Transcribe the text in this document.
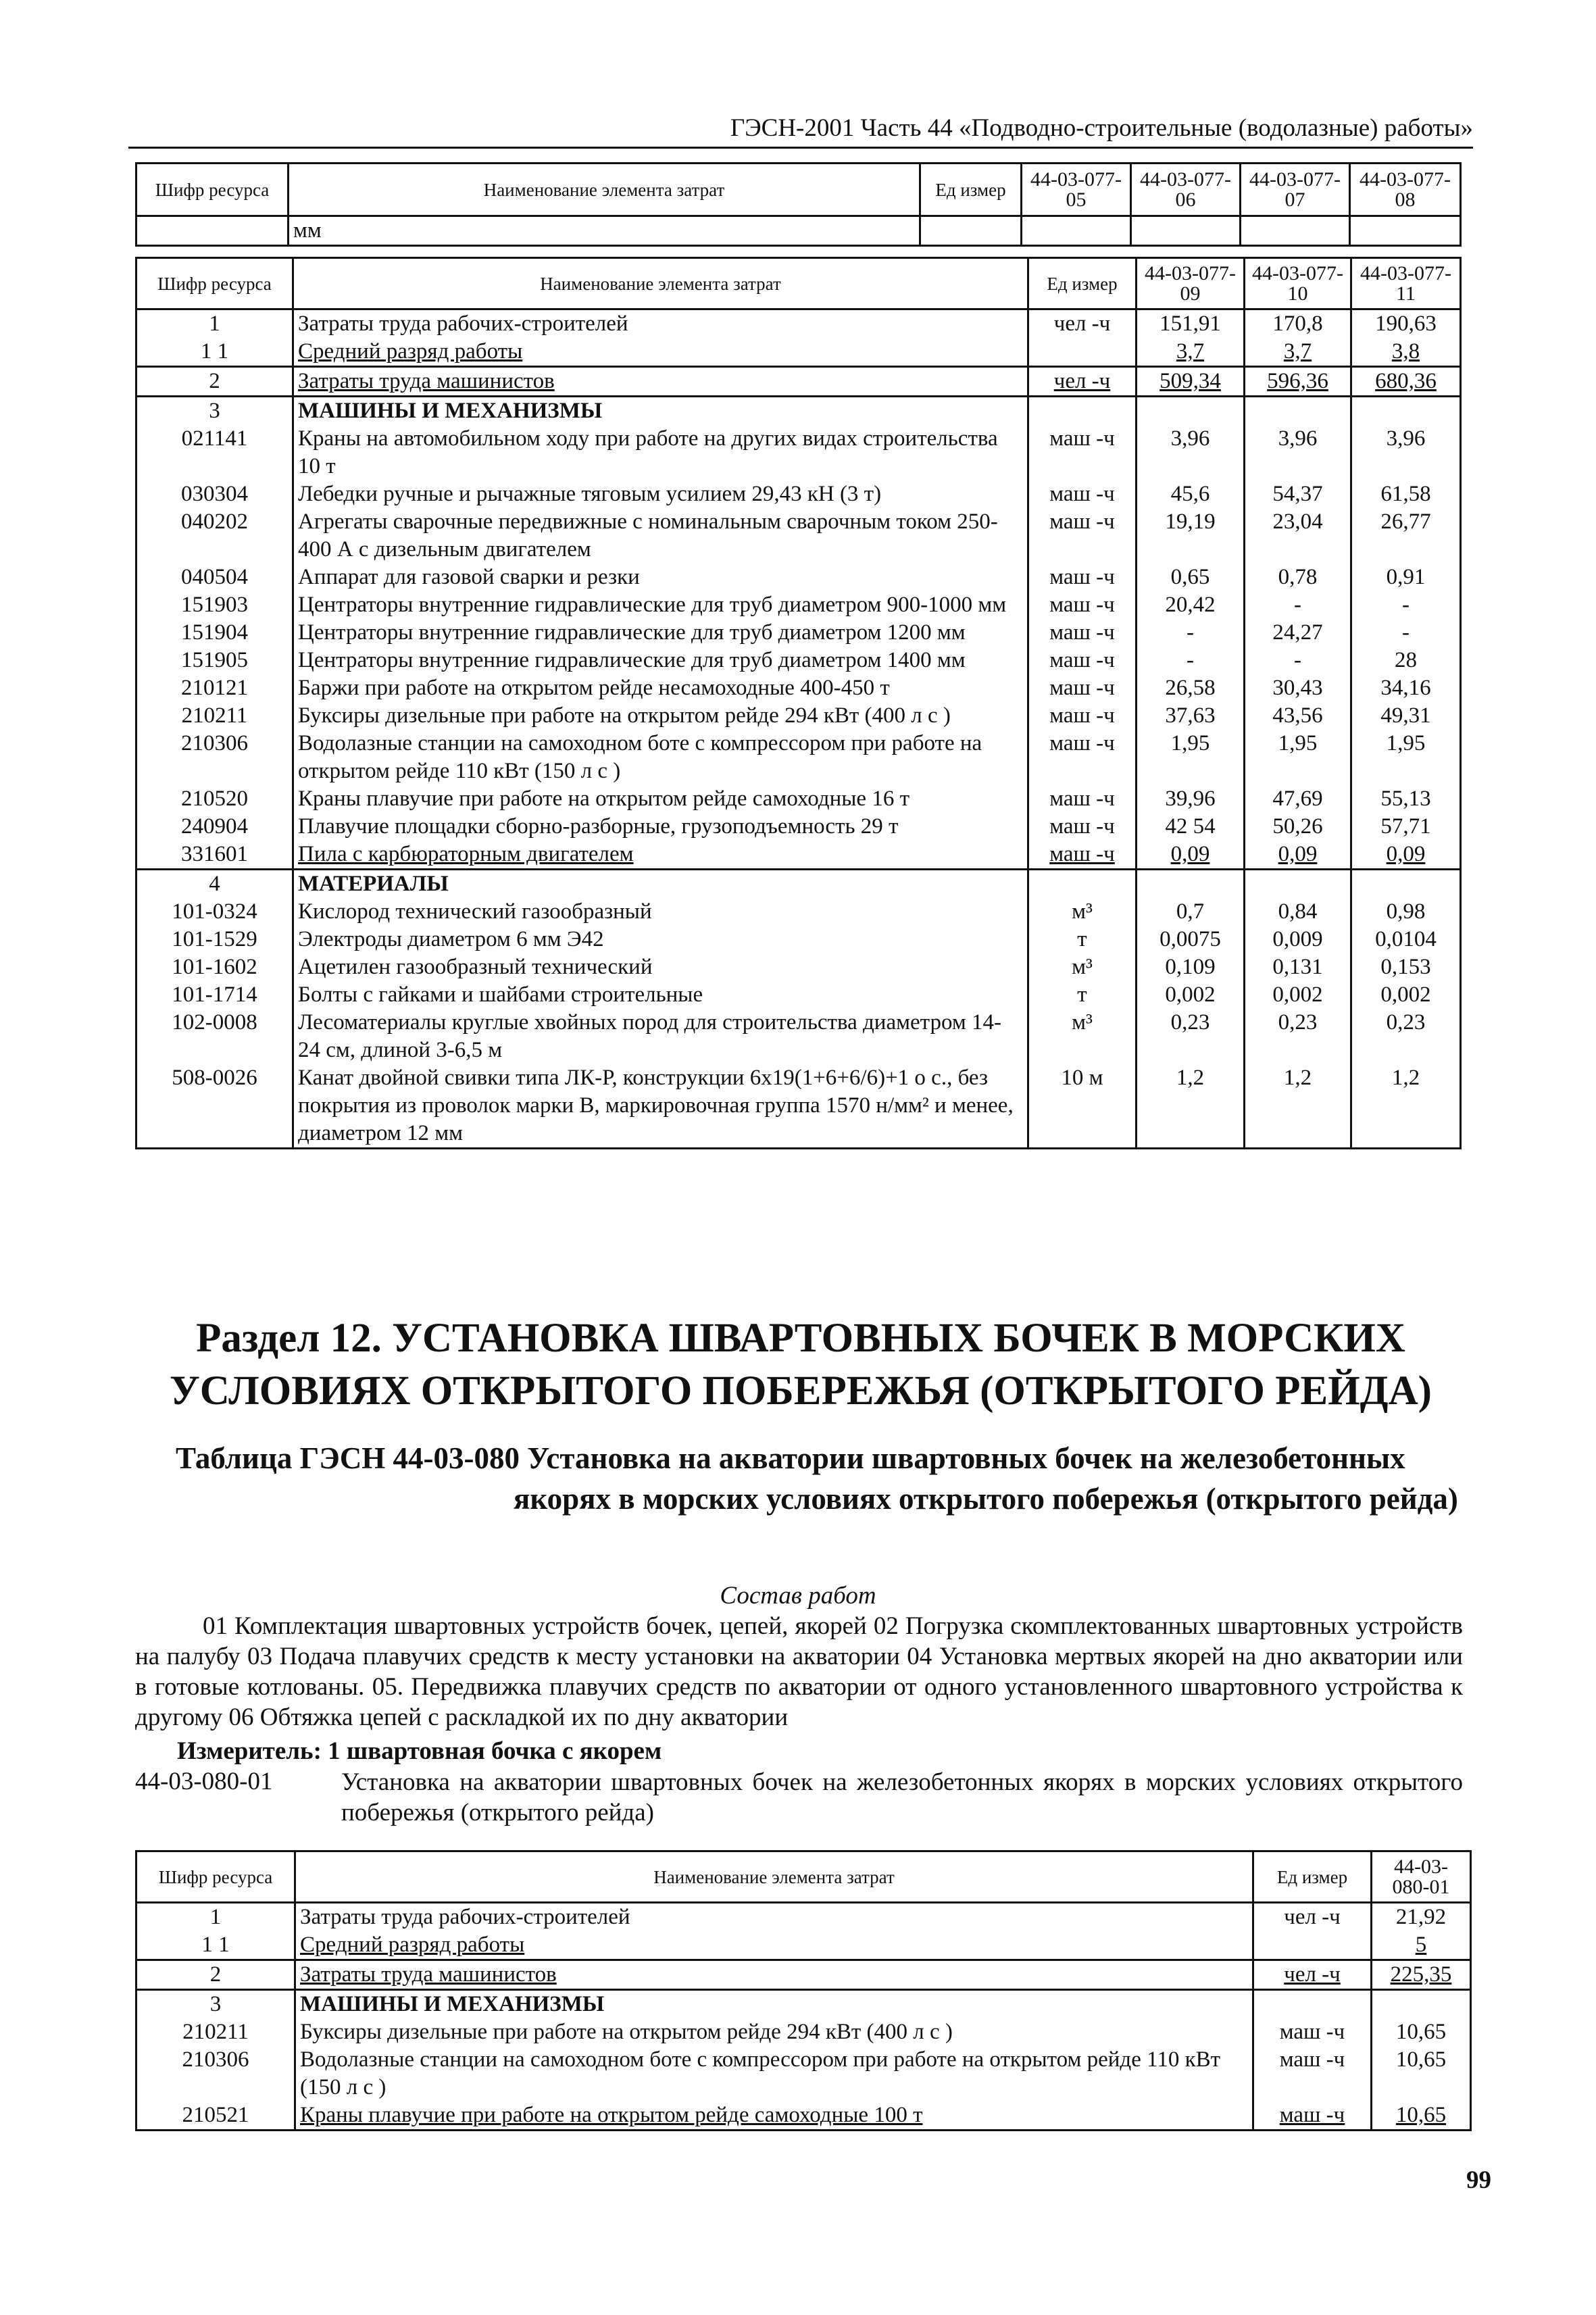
ГЭСН-2001 Часть 44 «Подводно-строительные (водолазные) работы»
Шифр ресурса	Наименование элемента затрат	Ед измер	44-03-077-05	44-03-077-06	44-03-077-07	44-03-077-08
	мм					
Шифр ресурса	Наименование элемента затрат	Ед измер	44-03-077-09	44-03-077-10	44-03-077-11
1	Затраты труда рабочих-строителей	чел -ч	151,91	170,8	190,63
1 1	Средний разряд работы		3,7	3,7	3,8
2	Затраты труда машинистов	чел -ч	509,34	596,36	680,36
3	МАШИНЫ И МЕХАНИЗМЫ				
021141	Краны на автомобильном ходу при работе на других видах строительства 10 т	маш -ч	3,96	3,96	3,96
030304	Лебедки ручные и рычажные тяговым усилием 29,43 кН (3 т)	маш -ч	45,6	54,37	61,58
040202	Агрегаты сварочные передвижные с номинальным сварочным током 250-400 А с дизельным двигателем	маш -ч	19,19	23,04	26,77
040504	Аппарат для газовой сварки и резки	маш -ч	0,65	0,78	0,91
151903	Центраторы внутренние гидравлические для труб диаметром 900-1000 мм	маш -ч	20,42	-	-
151904	Центраторы внутренние гидравлические для труб диаметром 1200 мм	маш -ч	-	24,27	-
151905	Центраторы внутренние гидравлические для труб диаметром 1400 мм	маш -ч	-	-	28
210121	Баржи при работе на открытом рейде несамоходные 400-450 т	маш -ч	26,58	30,43	34,16
210211	Буксиры дизельные при работе на открытом рейде 294 кВт (400 л с )	маш -ч	37,63	43,56	49,31
210306	Водолазные станции на самоходном боте с компрессором при работе на открытом рейде 110 кВт (150 л с )	маш -ч	1,95	1,95	1,95
210520	Краны плавучие при работе на открытом рейде самоходные 16 т	маш -ч	39,96	47,69	55,13
240904	Плавучие площадки сборно-разборные, грузоподъемность 29 т	маш -ч	42 54	50,26	57,71
331601	Пила с карбюраторным двигателем	маш -ч	0,09	0,09	0,09
4	МАТЕРИАЛЫ				
101-0324	Кислород технический газообразный	м³	0,7	0,84	0,98
101-1529	Электроды диаметром 6 мм Э42	т	0,0075	0,009	0,0104
101-1602	Ацетилен газообразный технический	м³	0,109	0,131	0,153
101-1714	Болты с гайками и шайбами строительные	т	0,002	0,002	0,002
102-0008	Лесоматериалы круглые хвойных пород для строительства диаметром 14-24 см, длиной 3-6,5 м	м³	0,23	0,23	0,23
508-0026	Канат двойной свивки типа ЛК-Р, конструкции 6х19(1+6+6/6)+1 о с., без покрытия из проволок марки В, маркировочная группа 1570 н/мм² и менее, диаметром 12 мм	10 м	1,2	1,2	1,2
Раздел 12. УСТАНОВКА ШВАРТОВНЫХ БОЧЕК В МОРСКИХ УСЛОВИЯХ ОТКРЫТОГО ПОБЕРЕЖЬЯ (ОТКРЫТОГО РЕЙДА)
Таблица ГЭСН 44-03-080 Установка на акватории швартовных бочек на железобетонных
якорях в морских условиях открытого побережья (открытого рейда)
Состав работ
01 Комплектация швартовных устройств бочек, цепей, якорей 02 Погрузка скомплектованных швартовных устройств на палубу 03 Подача плавучих средств к месту установки на акватории 04 Установка мертвых якорей на дно акватории или в готовые котлованы. 05. Передвижка плавучих средств по акватории от одного установленного швартовного устройства к другому 06 Обтяжка цепей с раскладкой их по дну акватории
Измеритель: 1 швартовная бочка с якорем
44-03-080-01	Установка на акватории швартовных бочек на железобетонных якорях в морских условиях открытого побережья (открытого рейда)
Шифр ресурса	Наименование элемента затрат	Ед измер	44-03-080-01
1	Затраты труда рабочих-строителей	чел -ч	21,92
1 1	Средний разряд работы		5
2	Затраты труда машинистов	чел -ч	225,35
3	МАШИНЫ И МЕХАНИЗМЫ		
210211	Буксиры дизельные при работе на открытом рейде 294 кВт (400 л с )	маш -ч	10,65
210306	Водолазные станции на самоходном боте с компрессором при работе на открытом рейде 110 кВт (150 л с )	маш -ч	10,65
210521	Краны плавучие при работе на открытом рейде самоходные 100 т	маш -ч	10,65
99
